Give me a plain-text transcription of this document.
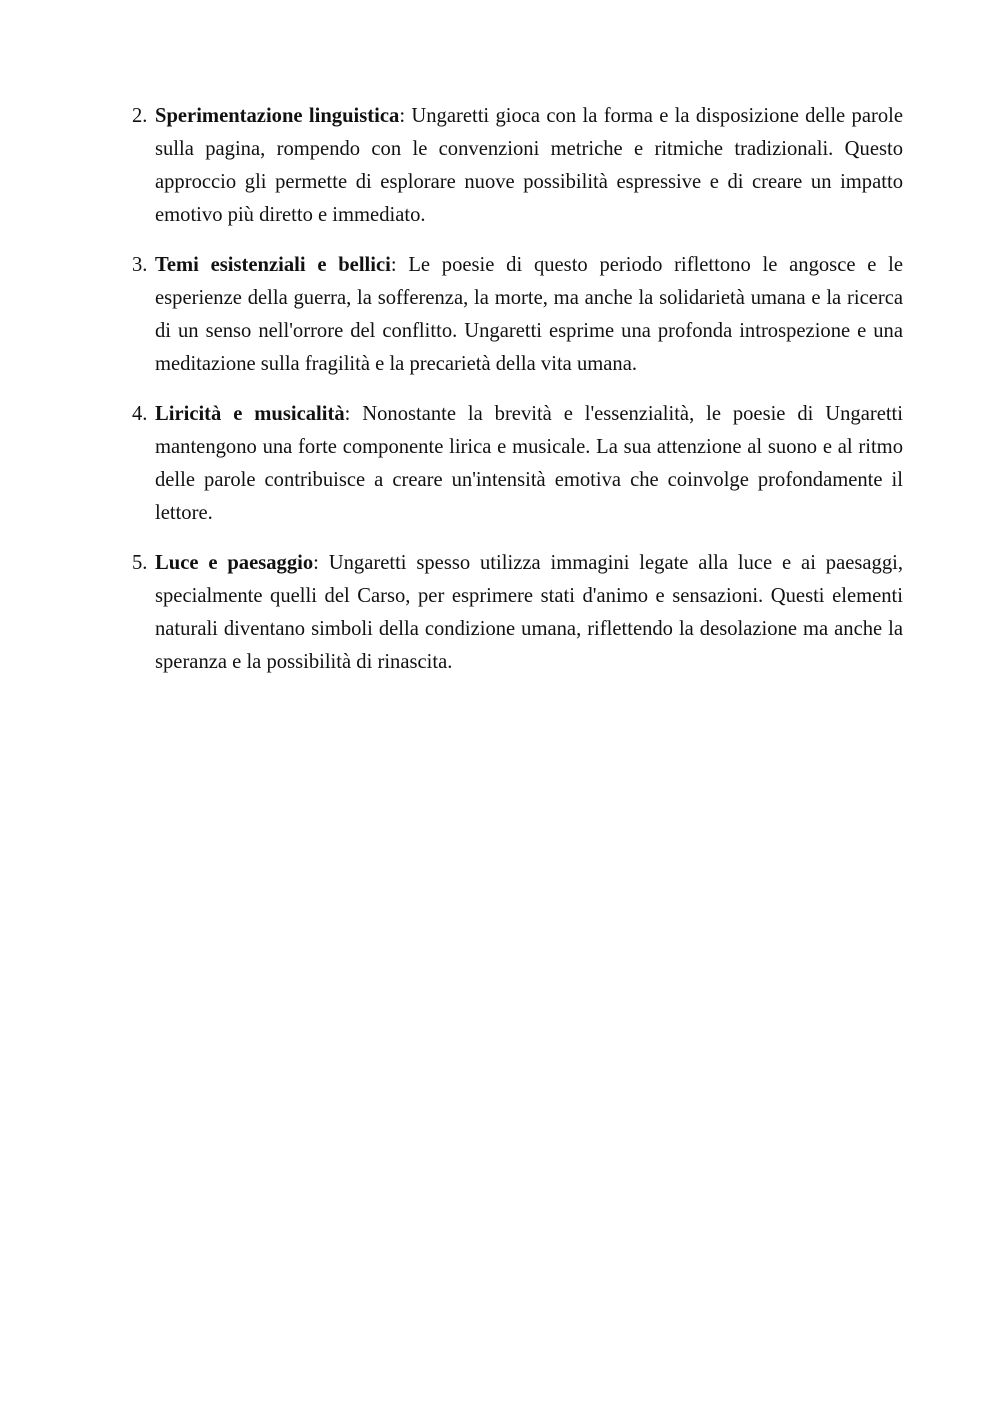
2. Sperimentazione linguistica: Ungaretti gioca con la forma e la disposizione delle parole sulla pagina, rompendo con le convenzioni metriche e ritmiche tradizionali. Questo approccio gli permette di esplorare nuove possibilità espressive e di creare un impatto emotivo più diretto e immediato.
3. Temi esistenziali e bellici: Le poesie di questo periodo riflettono le angosce e le esperienze della guerra, la sofferenza, la morte, ma anche la solidarietà umana e la ricerca di un senso nell'orrore del conflitto. Ungaretti esprime una profonda introspezione e una meditazione sulla fragilità e la precarietà della vita umana.
4. Liricità e musicalità: Nonostante la brevità e l'essenzialità, le poesie di Ungaretti mantengono una forte componente lirica e musicale. La sua attenzione al suono e al ritmo delle parole contribuisce a creare un'intensità emotiva che coinvolge profondamente il lettore.
5. Luce e paesaggio: Ungaretti spesso utilizza immagini legate alla luce e ai paesaggi, specialmente quelli del Carso, per esprimere stati d'animo e sensazioni. Questi elementi naturali diventano simboli della condizione umana, riflettendo la desolazione ma anche la speranza e la possibilità di rinascita.
